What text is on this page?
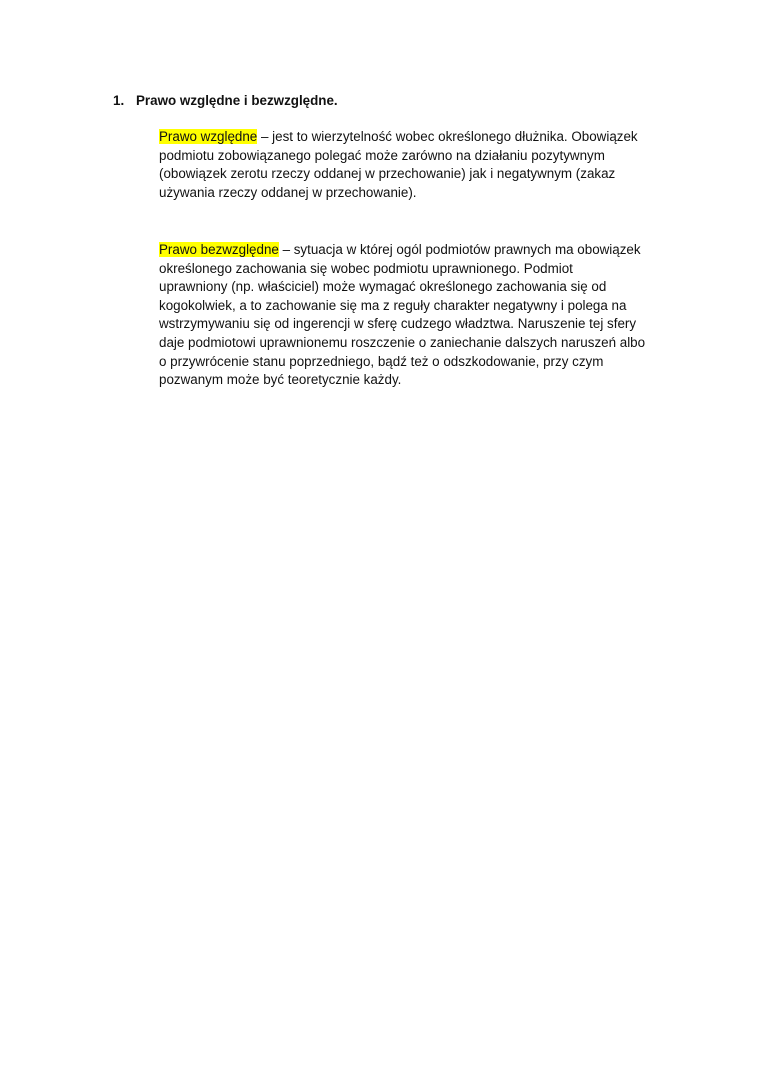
1. Prawo względne i bezwzględne.
Prawo względne – jest to wierzytelność wobec określonego dłużnika. Obowiązek
podmiotu zobowiązanego polegać może zarówno na działaniu pozytywnym
(obowiązek zerotu rzeczy oddanej w przechowanie) jak i negatywnym (zakaz
używania rzeczy oddanej w przechowanie).
Prawo bezwzględne – sytuacja w której ogól podmiotów prawnych ma obowiązek
określonego zachowania się wobec podmiotu uprawnionego. Podmiot
uprawniony (np. właściciel) może wymagać określonego zachowania się od
kogokolwiek, a to zachowanie się ma z reguły charakter negatywny i polega na
wstrzymywaniu się od ingerencji w sferę cudzego władztwa. Naruszenie tej sfery
daje podmiotowi uprawnionemu roszczenie o zaniechanie dalszych naruszeń albo
o przywrócenie stanu poprzedniego, bądź też o odszkodowanie, przy czym
pozwanym może być teoretycznie każdy.
